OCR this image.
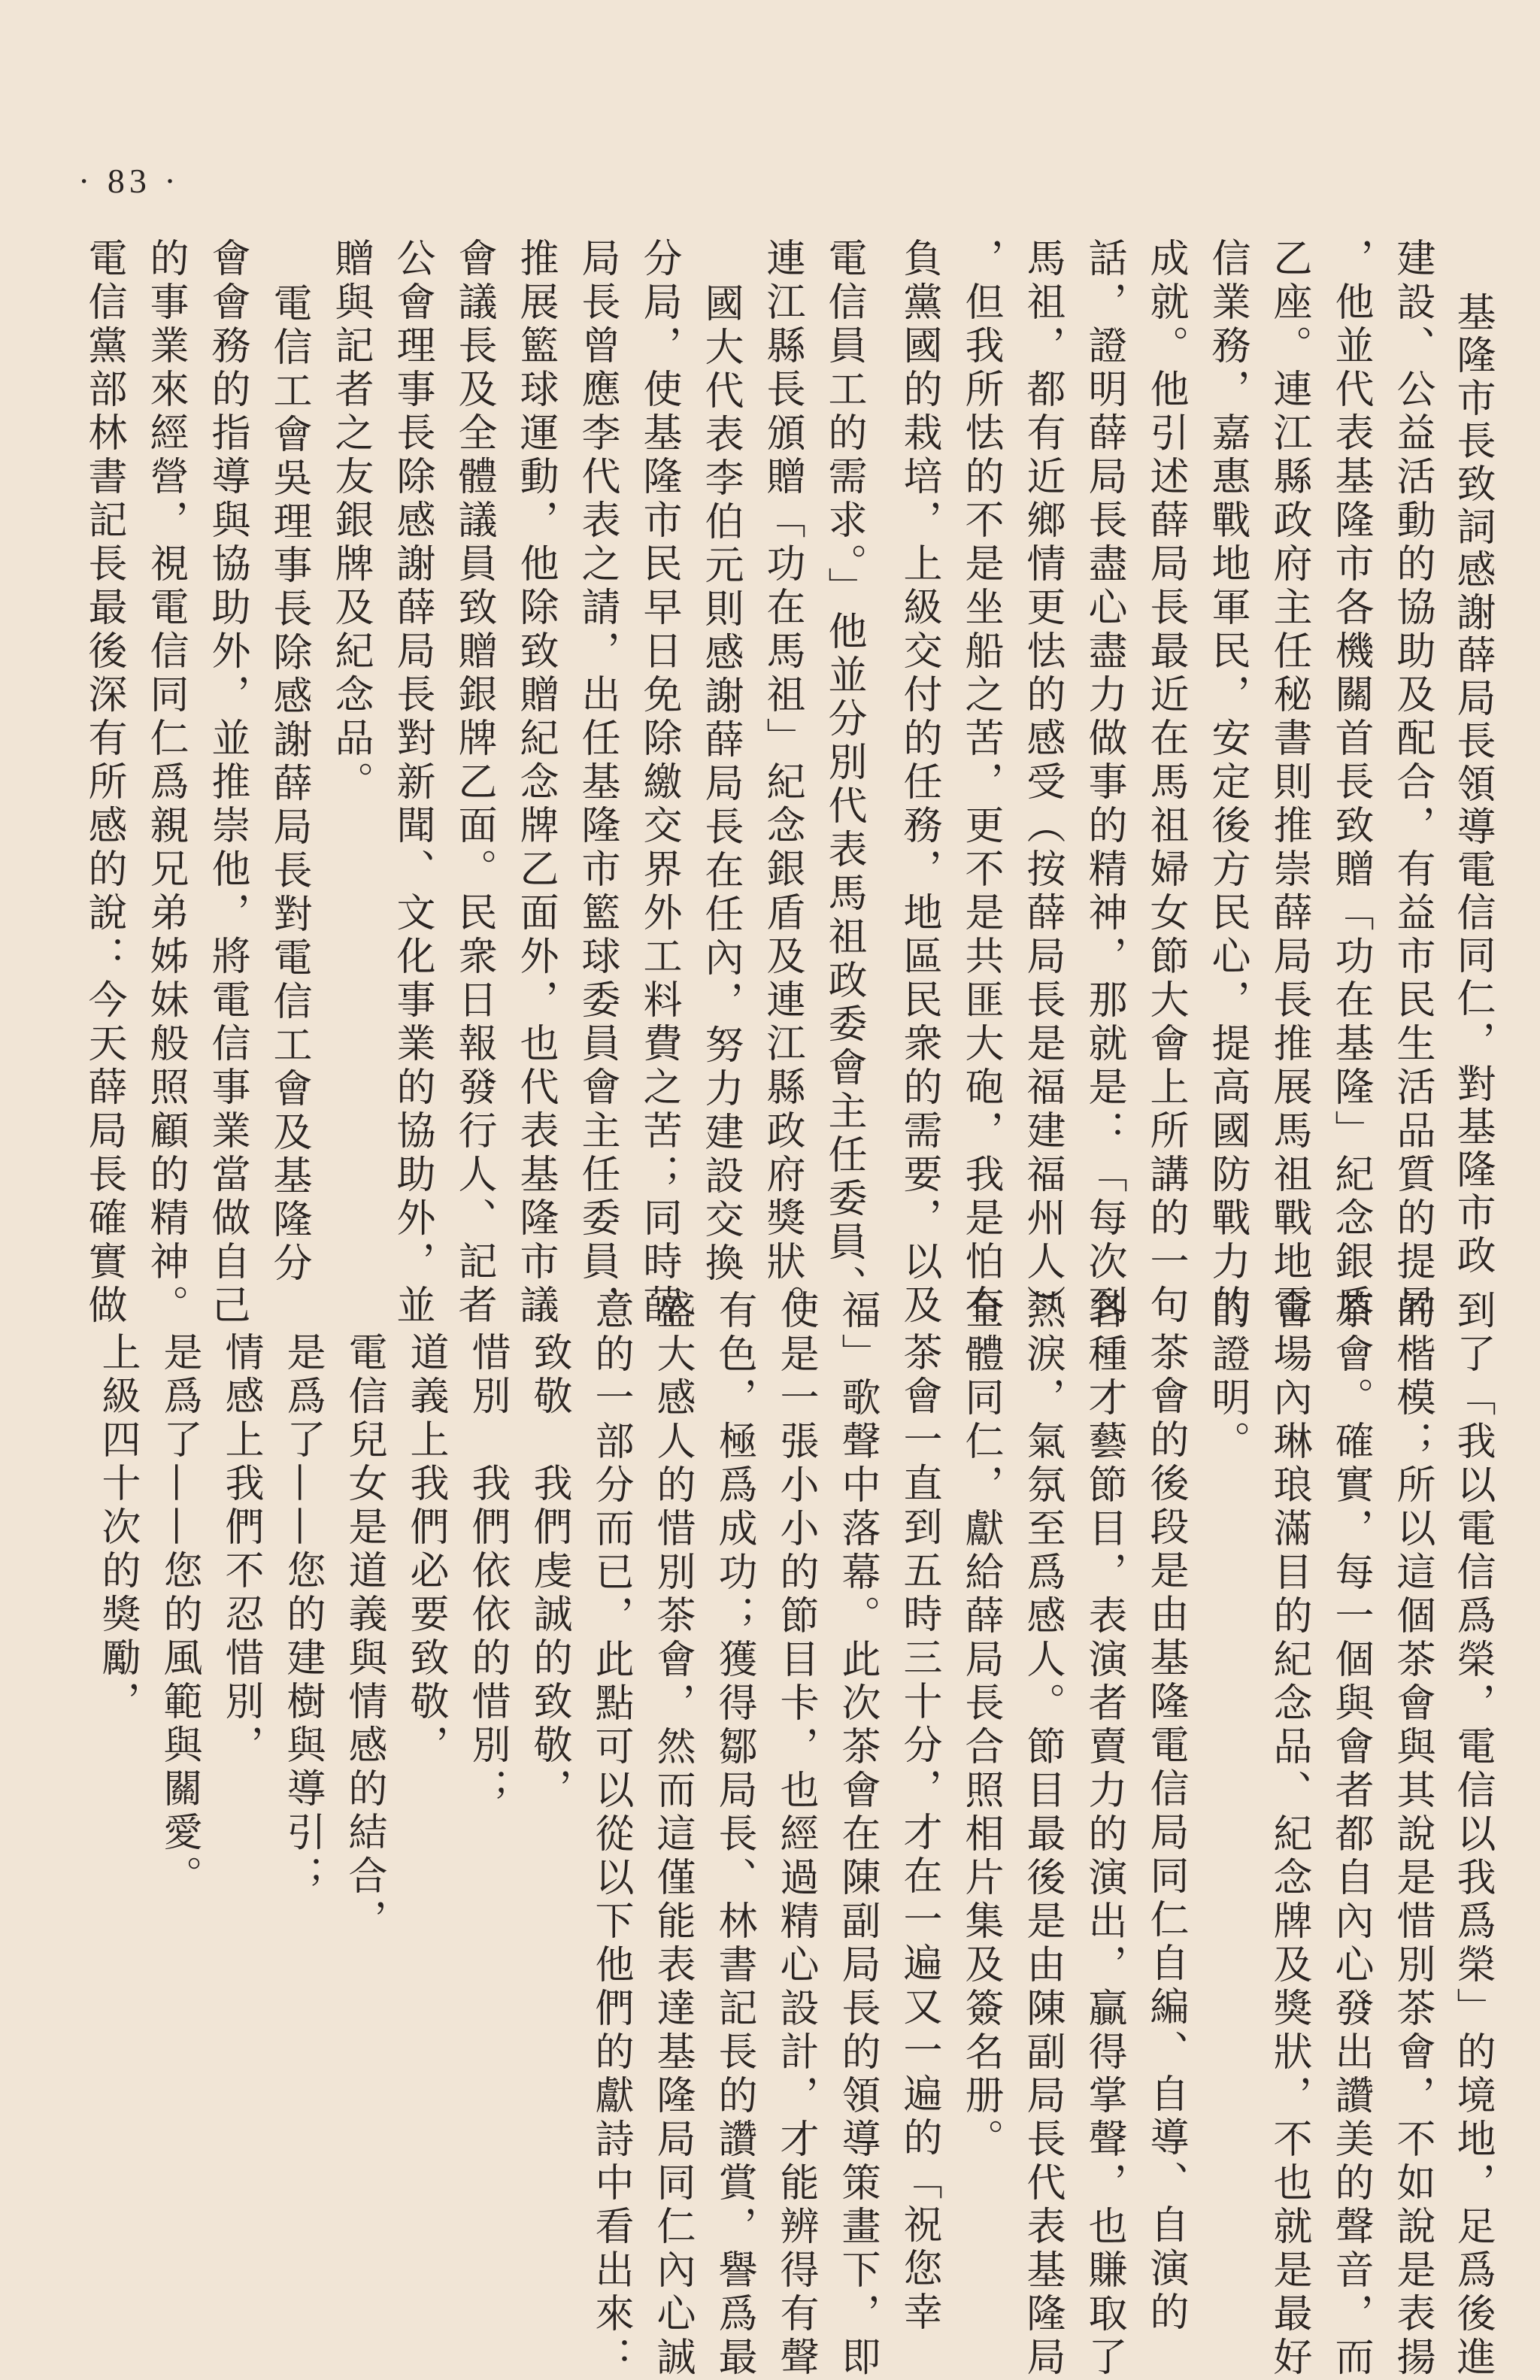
· 83 ·
基隆市長致詞感謝薛局長領導電信同仁，對基隆市政
建設、公益活動的協助及配合，有益市民生活品質的提昇
，他並代表基隆市各機關首長致贈「功在基隆」紀念銀盾
乙座。連江縣政府主任秘書則推崇薛局長推展馬祖戰地電
信業務，嘉惠戰地軍民，安定後方民心，提高國防戰力的
成就。他引述薛局長最近在馬祖婦女節大會上所講的一句
話，證明薛局長盡心盡力做事的精神，那就是：「每次到
馬祖，都有近鄉情更怯的感受（按薛局長是福建福州人）
，但我所怯的不是坐船之苦，更不是共匪大砲，我是怕有
負黨國的栽培，上級交付的任務，地區民衆的需要，以及
電信員工的需求。」他並分別代表馬祖政委會主任委員、
連江縣長頒贈「功在馬祖」紀念銀盾及連江縣政府獎狀。
國大代表李伯元則感謝薛局長在任內，努力建設交換
分局，使基隆市民早日免除繳交界外工料費之苦；同時薛
局長曾應李代表之請，出任基隆市籃球委員會主任委員，
推展籃球運動，他除致贈紀念牌乙面外，也代表基隆市議
會議長及全體議員致贈銀牌乙面。民衆日報發行人、記者
公會理事長除感謝薛局長對新聞、文化事業的協助外，並
贈與記者之友銀牌及紀念品。
電信工會吳理事長除感謝薛局長對電信工會及基隆分
會會務的指導與協助外，並推崇他，將電信事業當做自己
的事業來經營，視電信同仁爲親兄弟姊妹般照顧的精神。
電信黨部林書記長最後深有所感的說：今天薛局長確實做
到了「我以電信爲榮，電信以我爲榮」的境地，足爲後進
的楷模；所以這個茶會與其說是惜別茶會，不如說是表揚
茶會。確實，每一個與會者都自內心發出讚美的聲音，而
會場內琳琅滿目的紀念品、紀念牌及獎狀，不也就是最好
的證明。
茶會的後段是由基隆電信局同仁自編、自導、自演的
各種才藝節目，表演者賣力的演出，贏得掌聲，也賺取了
熱淚，氣氛至爲感人。節目最後是由陳副局長代表基隆局
全體同仁，獻給薛局長合照相片集及簽名册。
茶會一直到五時三十分，才在一遍又一遍的「祝您幸
福」歌聲中落幕。此次茶會在陳副局長的領導策畫下，即
使是一張小小的節目卡，也經過精心設計，才能辨得有聲
有色，極爲成功；獲得鄒局長、林書記長的讚賞，譽爲最
盛大感人的惜別茶會，然而這僅能表達基隆局同仁內心誠
意的一部分而已，此點可以從以下他們的獻詩中看出來：
致敬　我們虔誠的致敬，
惜別　我們依依的惜別；
道義上我們必要致敬，
電信兒女是道義與情感的結合，
是爲了——您的建樹與導引；
情感上我們不忍惜別，
是爲了——您的風範與關愛。
上級四十次的獎勵，
